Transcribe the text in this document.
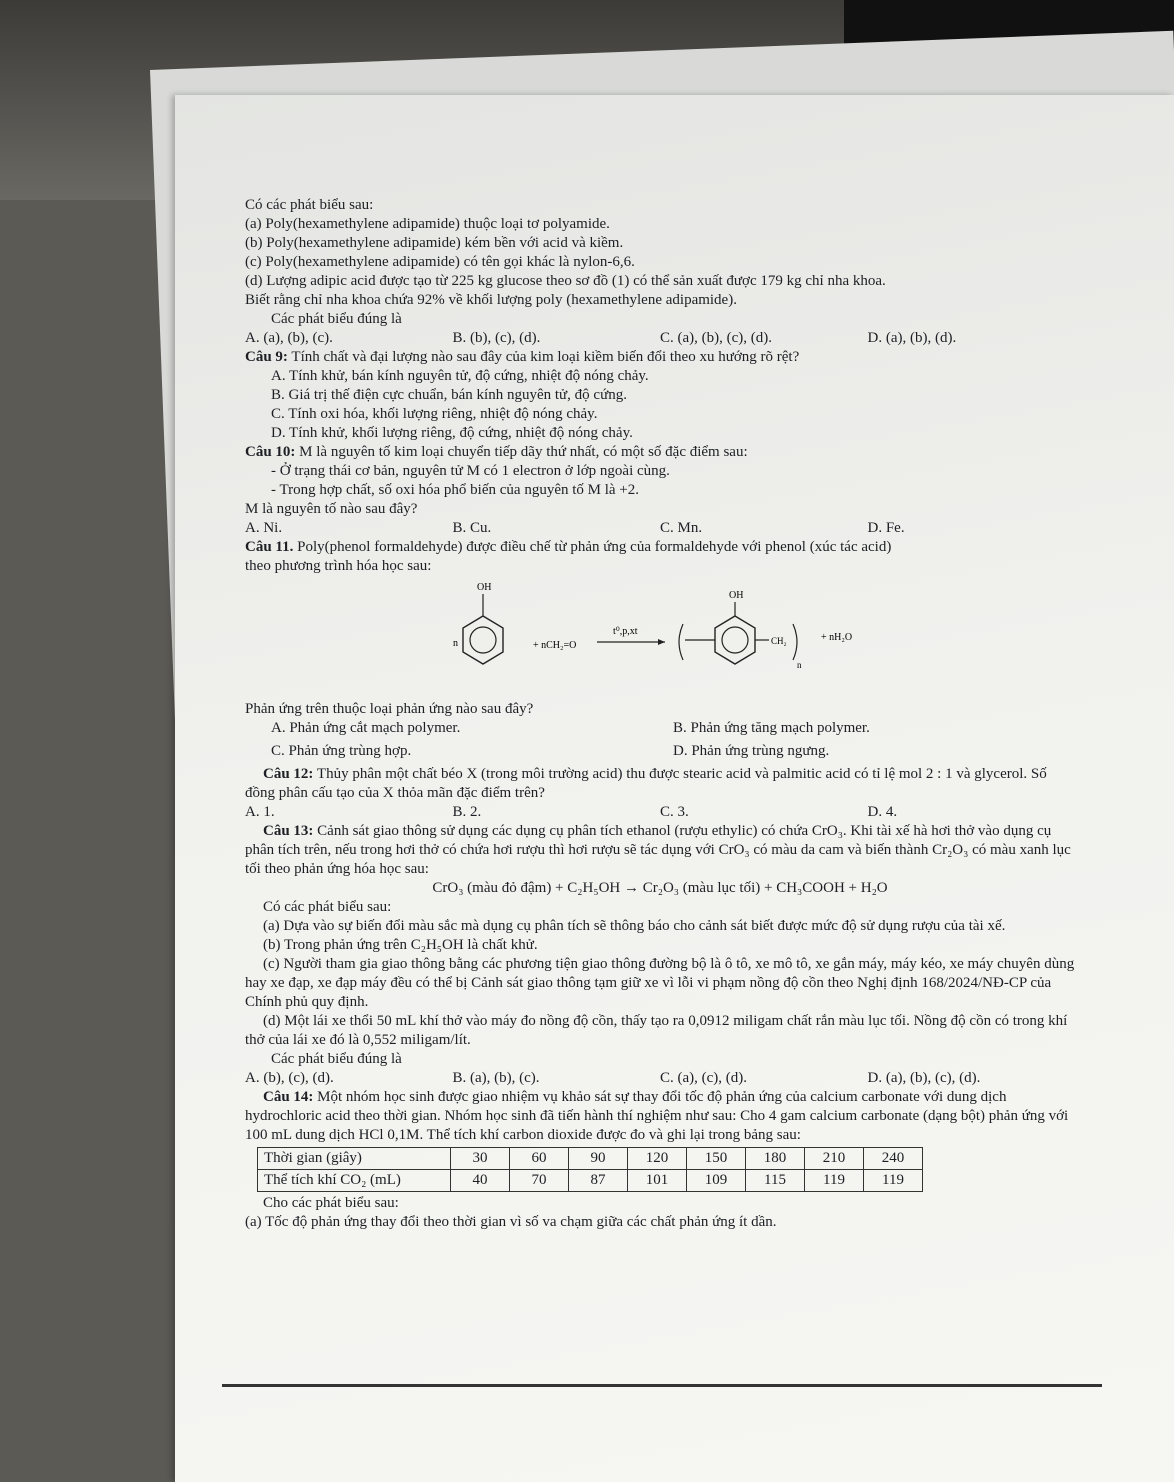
Có các phát biểu sau:

(a) Poly(hexamethylene adipamide) thuộc loại tơ polyamide.

(b) Poly(hexamethylene adipamide) kém bền với acid và kiềm.

(c) Poly(hexamethylene adipamide) có tên gọi khác là nylon-6,6.

(d) Lượng adipic acid được tạo từ 225 kg glucose theo sơ đồ (1) có thể sản xuất được 179 kg chỉ nha khoa.

Biết rằng chỉ nha khoa chứa 92% về khối lượng poly (hexamethylene adipamide).

Các phát biểu đúng là

A. (a), (b), (c).	B. (b), (c), (d).	C. (a), (b), (c), (d).	D. (a), (b), (d).

Câu 9: Tính chất và đại lượng nào sau đây của kim loại kiềm biến đổi theo xu hướng rõ rệt?

A. Tính khử, bán kính nguyên tử, độ cứng, nhiệt độ nóng chảy.

B. Giá trị thế điện cực chuẩn, bán kính nguyên tử, độ cứng.

C. Tính oxi hóa, khối lượng riêng, nhiệt độ nóng chảy.

D. Tính khử, khối lượng riêng, độ cứng, nhiệt độ nóng chảy.

Câu 10: M là nguyên tố kim loại chuyển tiếp dãy thứ nhất, có một số đặc điểm sau:

- Ở trạng thái cơ bản, nguyên tử M có 1 electron ở lớp ngoài cùng.

- Trong hợp chất, số oxi hóa phổ biến của nguyên tố M là +2.

M là nguyên tố nào sau đây?

A. Ni.	B. Cu.	C. Mn.	D. Fe.

Câu 11. Poly(phenol formaldehyde) được điều chế từ phản ứng của formaldehyde với phenol (xúc tác acid)

theo phương trình hóa học sau:

OH
n	+ nCH₂=O
t⁰,p,xt
OH
CH₂
n
+ nH₂O

Phản ứng trên thuộc loại phản ứng nào sau đây?

A. Phản ứng cắt mạch polymer.	B. Phản ứng tăng mạch polymer.
C. Phản ứng trùng hợp.	D. Phản ứng trùng ngưng.

Câu 12: Thủy phân một chất béo X (trong môi trường acid) thu được stearic acid và palmitic acid có tỉ lệ mol 2 : 1 và glycerol. Số đồng phân cấu tạo của X thỏa mãn đặc điểm trên?

A. 1.	B. 2.	C. 3.	D. 4.

Câu 13: Cảnh sát giao thông sử dụng các dụng cụ phân tích ethanol (rượu ethylic) có chứa CrO₃. Khi tài xế hà hơi thở vào dụng cụ phân tích trên, nếu trong hơi thở có chứa hơi rượu thì hơi rượu sẽ tác dụng với CrO₃ có màu da cam và biến thành Cr₂O₃ có màu xanh lục tối theo phản ứng hóa học sau:

CrO₃ (màu đỏ đậm) + C₂H₅OH → Cr₂O₃ (màu lục tối) + CH₃COOH + H₂O

Có các phát biểu sau:

(a) Dựa vào sự biến đổi màu sắc mà dụng cụ phân tích sẽ thông báo cho cảnh sát biết được mức độ sử dụng rượu của tài xế.

(b) Trong phản ứng trên C₂H₅OH là chất khử.

(c) Người tham gia giao thông bằng các phương tiện giao thông đường bộ là ô tô, xe mô tô, xe gắn máy, máy kéo, xe máy chuyên dùng hay xe đạp, xe đạp máy đều có thể bị Cảnh sát giao thông tạm giữ xe vì lỗi vi phạm nồng độ cồn theo Nghị định 168/2024/NĐ-CP của Chính phủ quy định.

(d) Một lái xe thổi 50 mL khí thở vào máy đo nồng độ cồn, thấy tạo ra 0,0912 miligam chất rắn màu lục tối. Nồng độ cồn có trong khí thở của lái xe đó là 0,552 miligam/lít.

Các phát biểu đúng là

A. (b), (c), (d).	B. (a), (b), (c).	C. (a), (c), (d).	D. (a), (b), (c), (d).

Câu 14: Một nhóm học sinh được giao nhiệm vụ khảo sát sự thay đổi tốc độ phản ứng của calcium carbonate với dung dịch hydrochloric acid theo thời gian. Nhóm học sinh đã tiến hành thí nghiệm như sau: Cho 4 gam calcium carbonate (dạng bột) phản ứng với 100 mL dung dịch HCl 0,1M. Thể tích khí carbon dioxide được đo và ghi lại trong bảng sau:

Thời gian (giây)	30	60	90	120	150	180	210	240
Thể tích khí CO₂ (mL)	40	70	87	101	109	115	119	119

Cho các phát biểu sau:

(a) Tốc độ phản ứng thay đổi theo thời gian vì số va chạm giữa các chất phản ứng ít dần.
